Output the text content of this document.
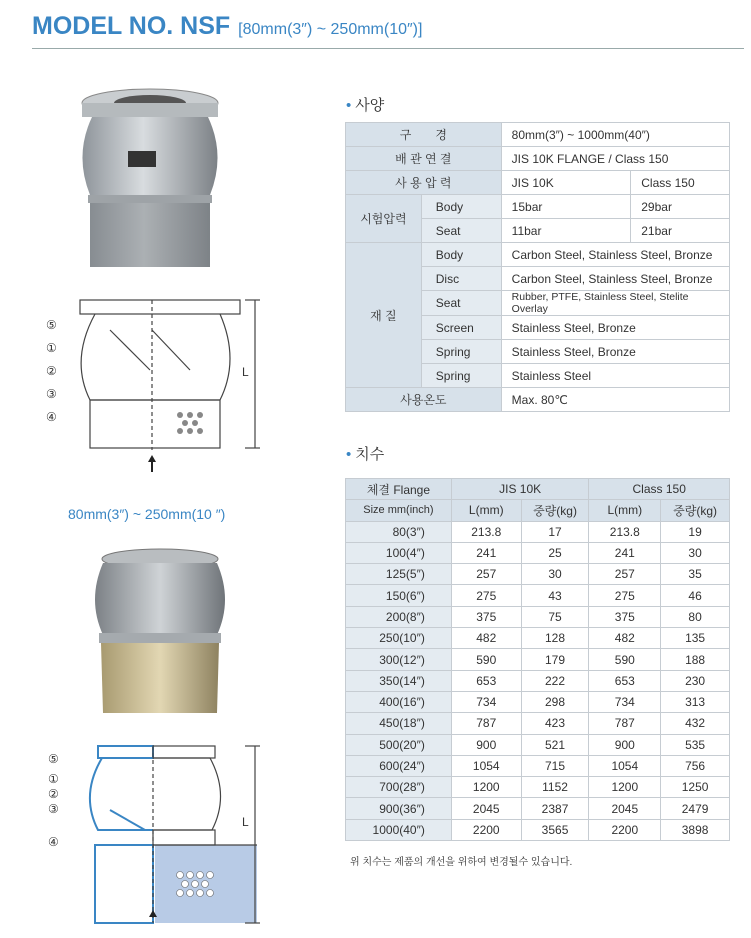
MODEL NO. NSF [80mm(3″) ~ 250mm(10″)]
• 사양
구　　경		80mm(3″) ~ 1000mm(40″)	
배 관 연 결		JIS 10K FLANGE / Class 150	
사 용 압 력		JIS 10K	Class 150
시험압력	Body	15bar	29bar
	Seat	11bar	21bar
재 질	Body	Carbon Steel, Stainless Steel, Bronze	
	Disc	Carbon Steel, Stainless Steel, Bronze	
	Seat	Rubber, PTFE, Stainless Steel, Stelite Overlay	
	Screen	Stainless Steel, Bronze	
	Spring	Stainless Steel, Bronze	
	Spring	Stainless Steel	
사용온도		Max. 80℃	
• 치수
체결 Flange	JIS 10K		Class 150	
Size mm(inch)	L(mm)	중량(kg)	L(mm)	중량(kg)
80(3″)	213.8	17	213.8	19
100(4″)	241	25	241	30
125(5″)	257	30	257	35
150(6″)	275	43	275	46
200(8″)	375	75	375	80
250(10″)	482	128	482	135
300(12″)	590	179	590	188
350(14″)	653	222	653	230
400(16″)	734	298	734	313
450(18″)	787	423	787	432
500(20″)	900	521	900	535
600(24″)	1054	715	1054	756
700(28″)	1200	1152	1200	1250
900(36″)	2045	2387	2045	2479
1000(40″)	2200	3565	2200	3898
위 치수는 제품의 개선을 위하여 변경될수 있습니다.
⑤
①
②
③
④
L
80mm(3″) ~ 250mm(10 ″)
⑤
①
②
③
④
L
